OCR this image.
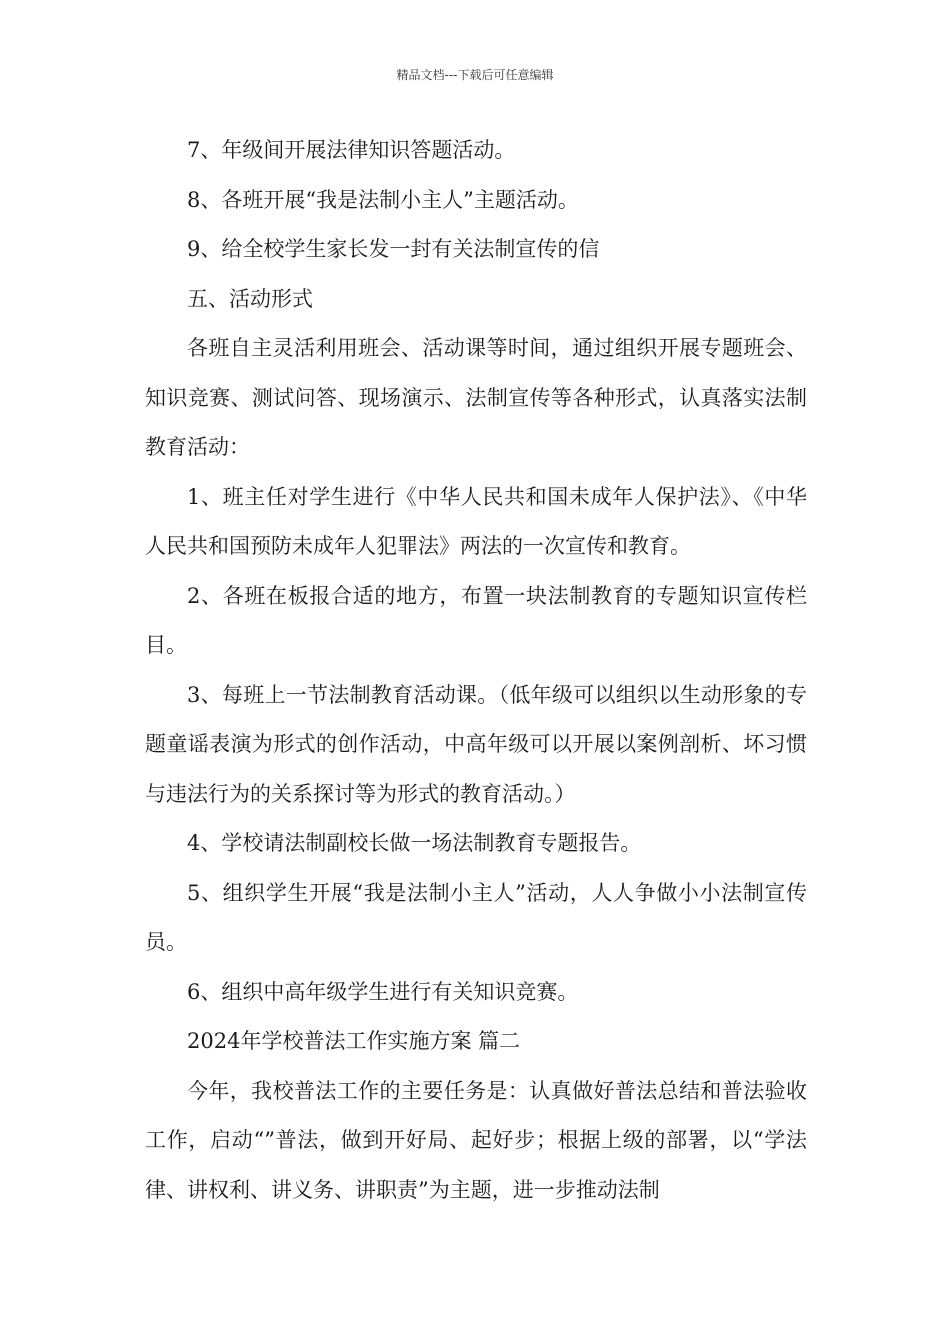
精品文档---下载后可任意编辑

7、年级间开展法律知识答题活动。

8、各班开展“我是法制小主人”主题活动。

9、给全校学生家长发一封有关法制宣传的信

五、活动形式

各班自主灵活利用班会、活动课等时间，通过组织开展专题班会、知识竞赛、测试问答、现场演示、法制宣传等各种形式，认真落实法制教育活动：

1、班主任对学生进行《中华人民共和国未成年人保护法》、《中华人民共和国预防未成年人犯罪法》两法的一次宣传和教育。

2、各班在板报合适的地方，布置一块法制教育的专题知识宣传栏目。

3、每班上一节法制教育活动课。（低年级可以组织以生动形象的专题童谣表演为形式的创作活动，中高年级可以开展以案例剖析、坏习惯与违法行为的关系探讨等为形式的教育活动。）

4、学校请法制副校长做一场法制教育专题报告。

5、组织学生开展“我是法制小主人”活动，人人争做小小法制宣传员。

6、组织中高年级学生进行有关知识竞赛。

2024年学校普法工作实施方案 篇二

今年，我校普法工作的主要任务是：认真做好普法总结和普法验收工作，启动“”普法，做到开好局、起好步；根据上级的部署，以“学法律、讲权利、讲义务、讲职责”为主题，进一步推动法制
